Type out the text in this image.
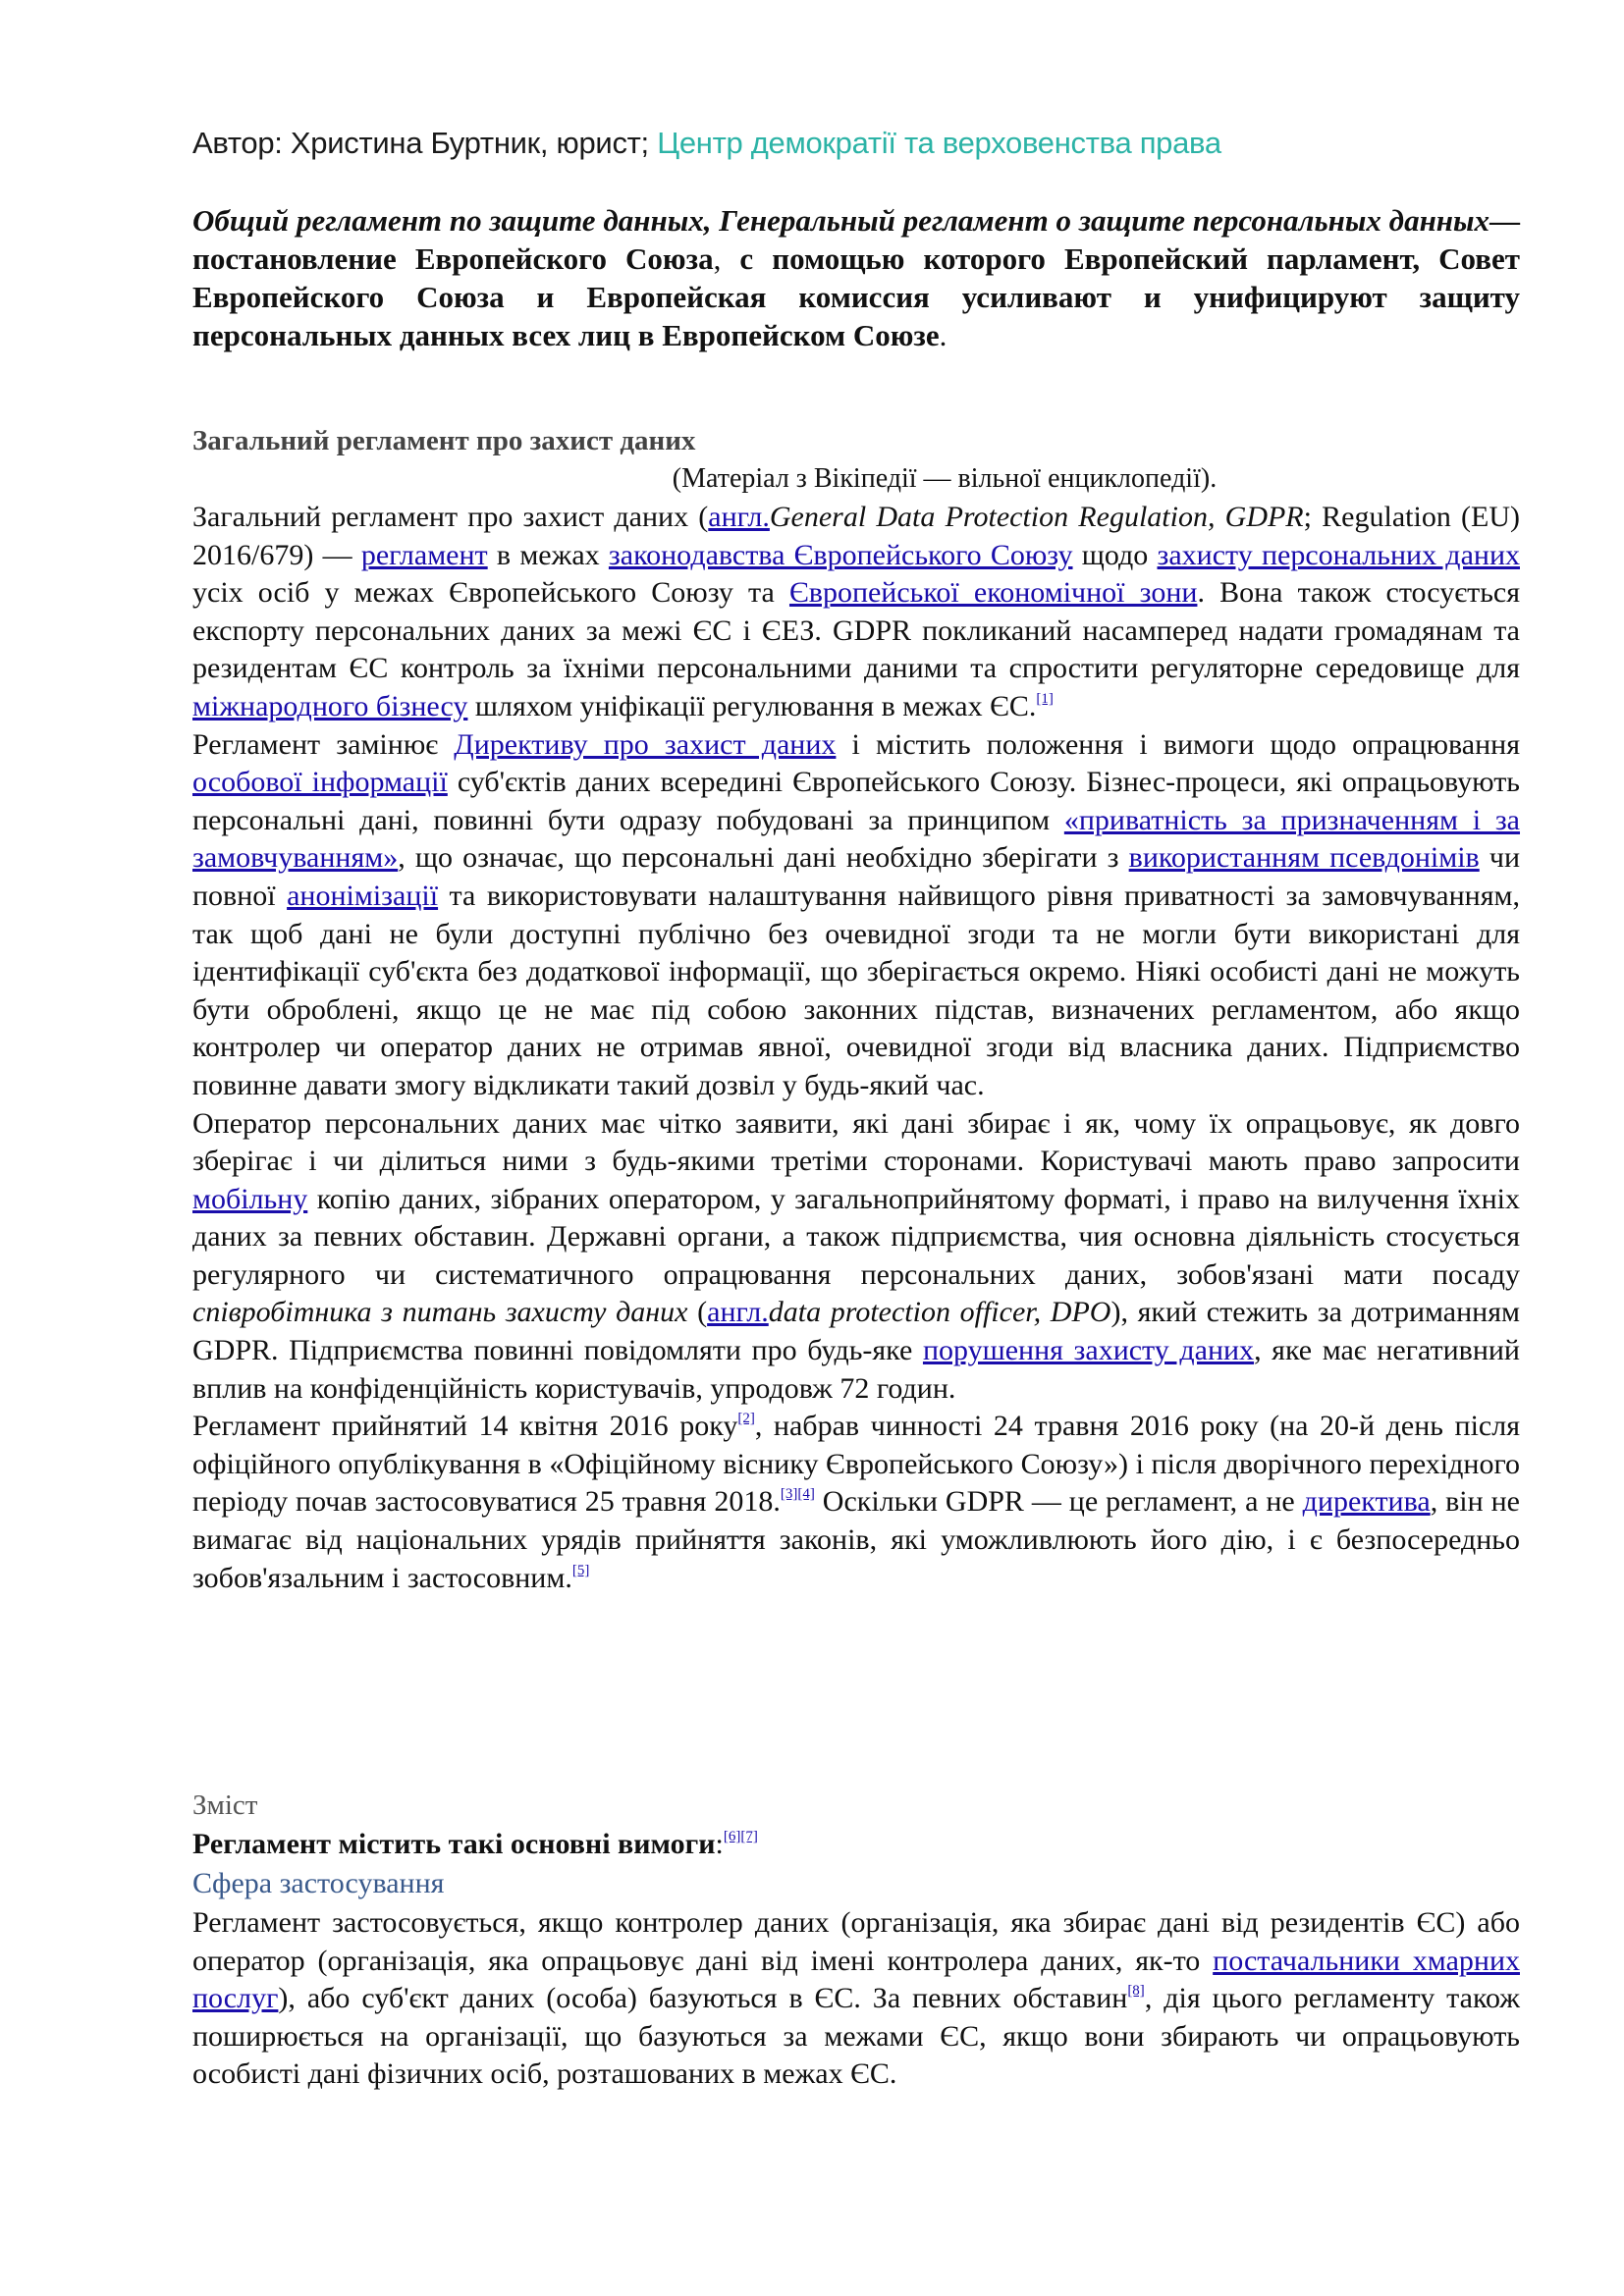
Автор: Христина Буртник, юрист; Центр демократії та верховенства права
Общий регламент по защите данных, Генеральный регламент о защите персональных данных— постановление Европейского Союза, с помощью которого Европейский парламент, Совет Европейского Союза и Европейская комиссия усиливают и унифицируют защиту персональных данных всех лиц в Европейском Союзе.
Загальний регламент про захист даних
(Матеріал з Вікіпедії — вільної енциклопедії).

Загальний регламент про захист даних (англ.General Data Protection Regulation, GDPR; Regulation (EU) 2016/679) — регламент в межах законодавства Європейського Союзу щодо захисту персональних даних усіх осіб у межах Європейського Союзу та Європейської економічної зони. Вона також стосується експорту персональних даних за межі ЄС і ЄЕЗ. GDPR покликаний насамперед надати громадянам та резидентам ЄС контроль за їхніми персональними даними та спростити регуляторне середовище для міжнародного бізнесу шляхом уніфікації регулювання в межах ЄС.[1]

Регламент замінює Директиву про захист даних і містить положення і вимоги щодо опрацювання особової інформації суб'єктів даних всередині Європейського Союзу. Бізнес-процеси, які опрацьовують персональні дані, повинні бути одразу побудовані за принципом «приватність за призначенням і за замовчуванням», що означає, що персональні дані необхідно зберігати з використанням псевдонімів чи повної анонімізації та використовувати налаштування найвищого рівня приватності за замовчуванням, так щоб дані не були доступні публічно без очевидної згоди та не могли бути використані для ідентифікації суб'єкта без додаткової інформації, що зберігається окремо. Ніякі особисті дані не можуть бути оброблені, якщо це не має під собою законних підстав, визначених регламентом, або якщо контролер чи оператор даних не отримав явної, очевидної згоди від власника даних. Підприємство повинне давати змогу відкликати такий дозвіл у будь-який час.

Оператор персональних даних має чітко заявити, які дані збирає і як, чому їх опрацьовує, як довго зберігає і чи ділиться ними з будь-якими третіми сторонами. Користувачі мають право запросити мобільну копію даних, зібраних оператором, у загальноприйнятому форматі, і право на вилучення їхніх даних за певних обставин. Державні органи, а також підприємства, чия основна діяльність стосується регулярного чи систематичного опрацювання персональних даних, зобов'язані мати посаду співробітника з питань захисту даних (англ.data protection officer, DPO), який стежить за дотриманням GDPR. Підприємства повинні повідомляти про будь-яке порушення захисту даних, яке має негативний вплив на конфіденційність користувачів, упродовж 72 годин.

Регламент прийнятий 14 квітня 2016 року[2], набрав чинності 24 травня 2016 року (на 20-й день після офіційного опублікування в «Офіційному віснику Європейського Союзу») і після дворічного перехідного періоду почав застосовуватися 25 травня 2018.[3][4] Оскільки GDPR — це регламент, а не директива, він не вимагає від національних урядів прийняття законів, які уможливлюють його дію, і є безпосередньо зобов'язальним і застосовним.[5]

Зміст
Регламент містить такі основні вимоги:[6][7]
Сфера застосування

Регламент застосовується, якщо контролер даних (організація, яка збирає дані від резидентів ЄС) або оператор (організація, яка опрацьовує дані від імені контролера даних, як-то постачальники хмарних послуг), або суб'єкт даних (особа) базуються в ЄС. За певних обставин[8], дія цього регламенту також поширюється на організації, що базуються за межами ЄС, якщо вони збирають чи опрацьовують особисті дані фізичних осіб, розташованих в межах ЄС.
